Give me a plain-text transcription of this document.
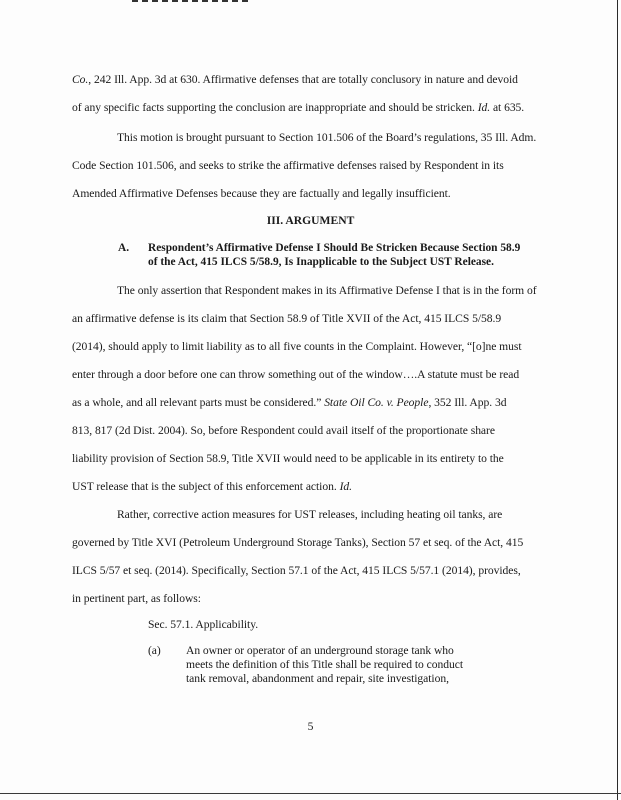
Co., 242 Ill. App. 3d at 630. Affirmative defenses that are totally conclusory in nature and devoid
of any specific facts supporting the conclusion are inappropriate and should be stricken. Id. at 635.
This motion is brought pursuant to Section 101.506 of the Board’s regulations, 35 Ill. Adm.
Code Section 101.506, and seeks to strike the affirmative defenses raised by Respondent in its
Amended Affirmative Defenses because they are factually and legally insufficient.
III. ARGUMENT
A. Respondent’s Affirmative Defense I Should Be Stricken Because Section 58.9
of the Act, 415 ILCS 5/58.9, Is Inapplicable to the Subject UST Release.
The only assertion that Respondent makes in its Affirmative Defense I that is in the form of
an affirmative defense is its claim that Section 58.9 of Title XVII of the Act, 415 ILCS 5/58.9
(2014), should apply to limit liability as to all five counts in the Complaint. However, “[o]ne must
enter through a door before one can throw something out of the window….A statute must be read
as a whole, and all relevant parts must be considered.” State Oil Co. v. People, 352 Ill. App. 3d
813, 817 (2d Dist. 2004). So, before Respondent could avail itself of the proportionate share
liability provision of Section 58.9, Title XVII would need to be applicable in its entirety to the
UST release that is the subject of this enforcement action. Id.
Rather, corrective action measures for UST releases, including heating oil tanks, are
governed by Title XVI (Petroleum Underground Storage Tanks), Section 57 et seq. of the Act, 415
ILCS 5/57 et seq. (2014). Specifically, Section 57.1 of the Act, 415 ILCS 5/57.1 (2014), provides,
in pertinent part, as follows:
Sec. 57.1. Applicability.
(a) An owner or operator of an underground storage tank who
meets the definition of this Title shall be required to conduct
tank removal, abandonment and repair, site investigation,
5
